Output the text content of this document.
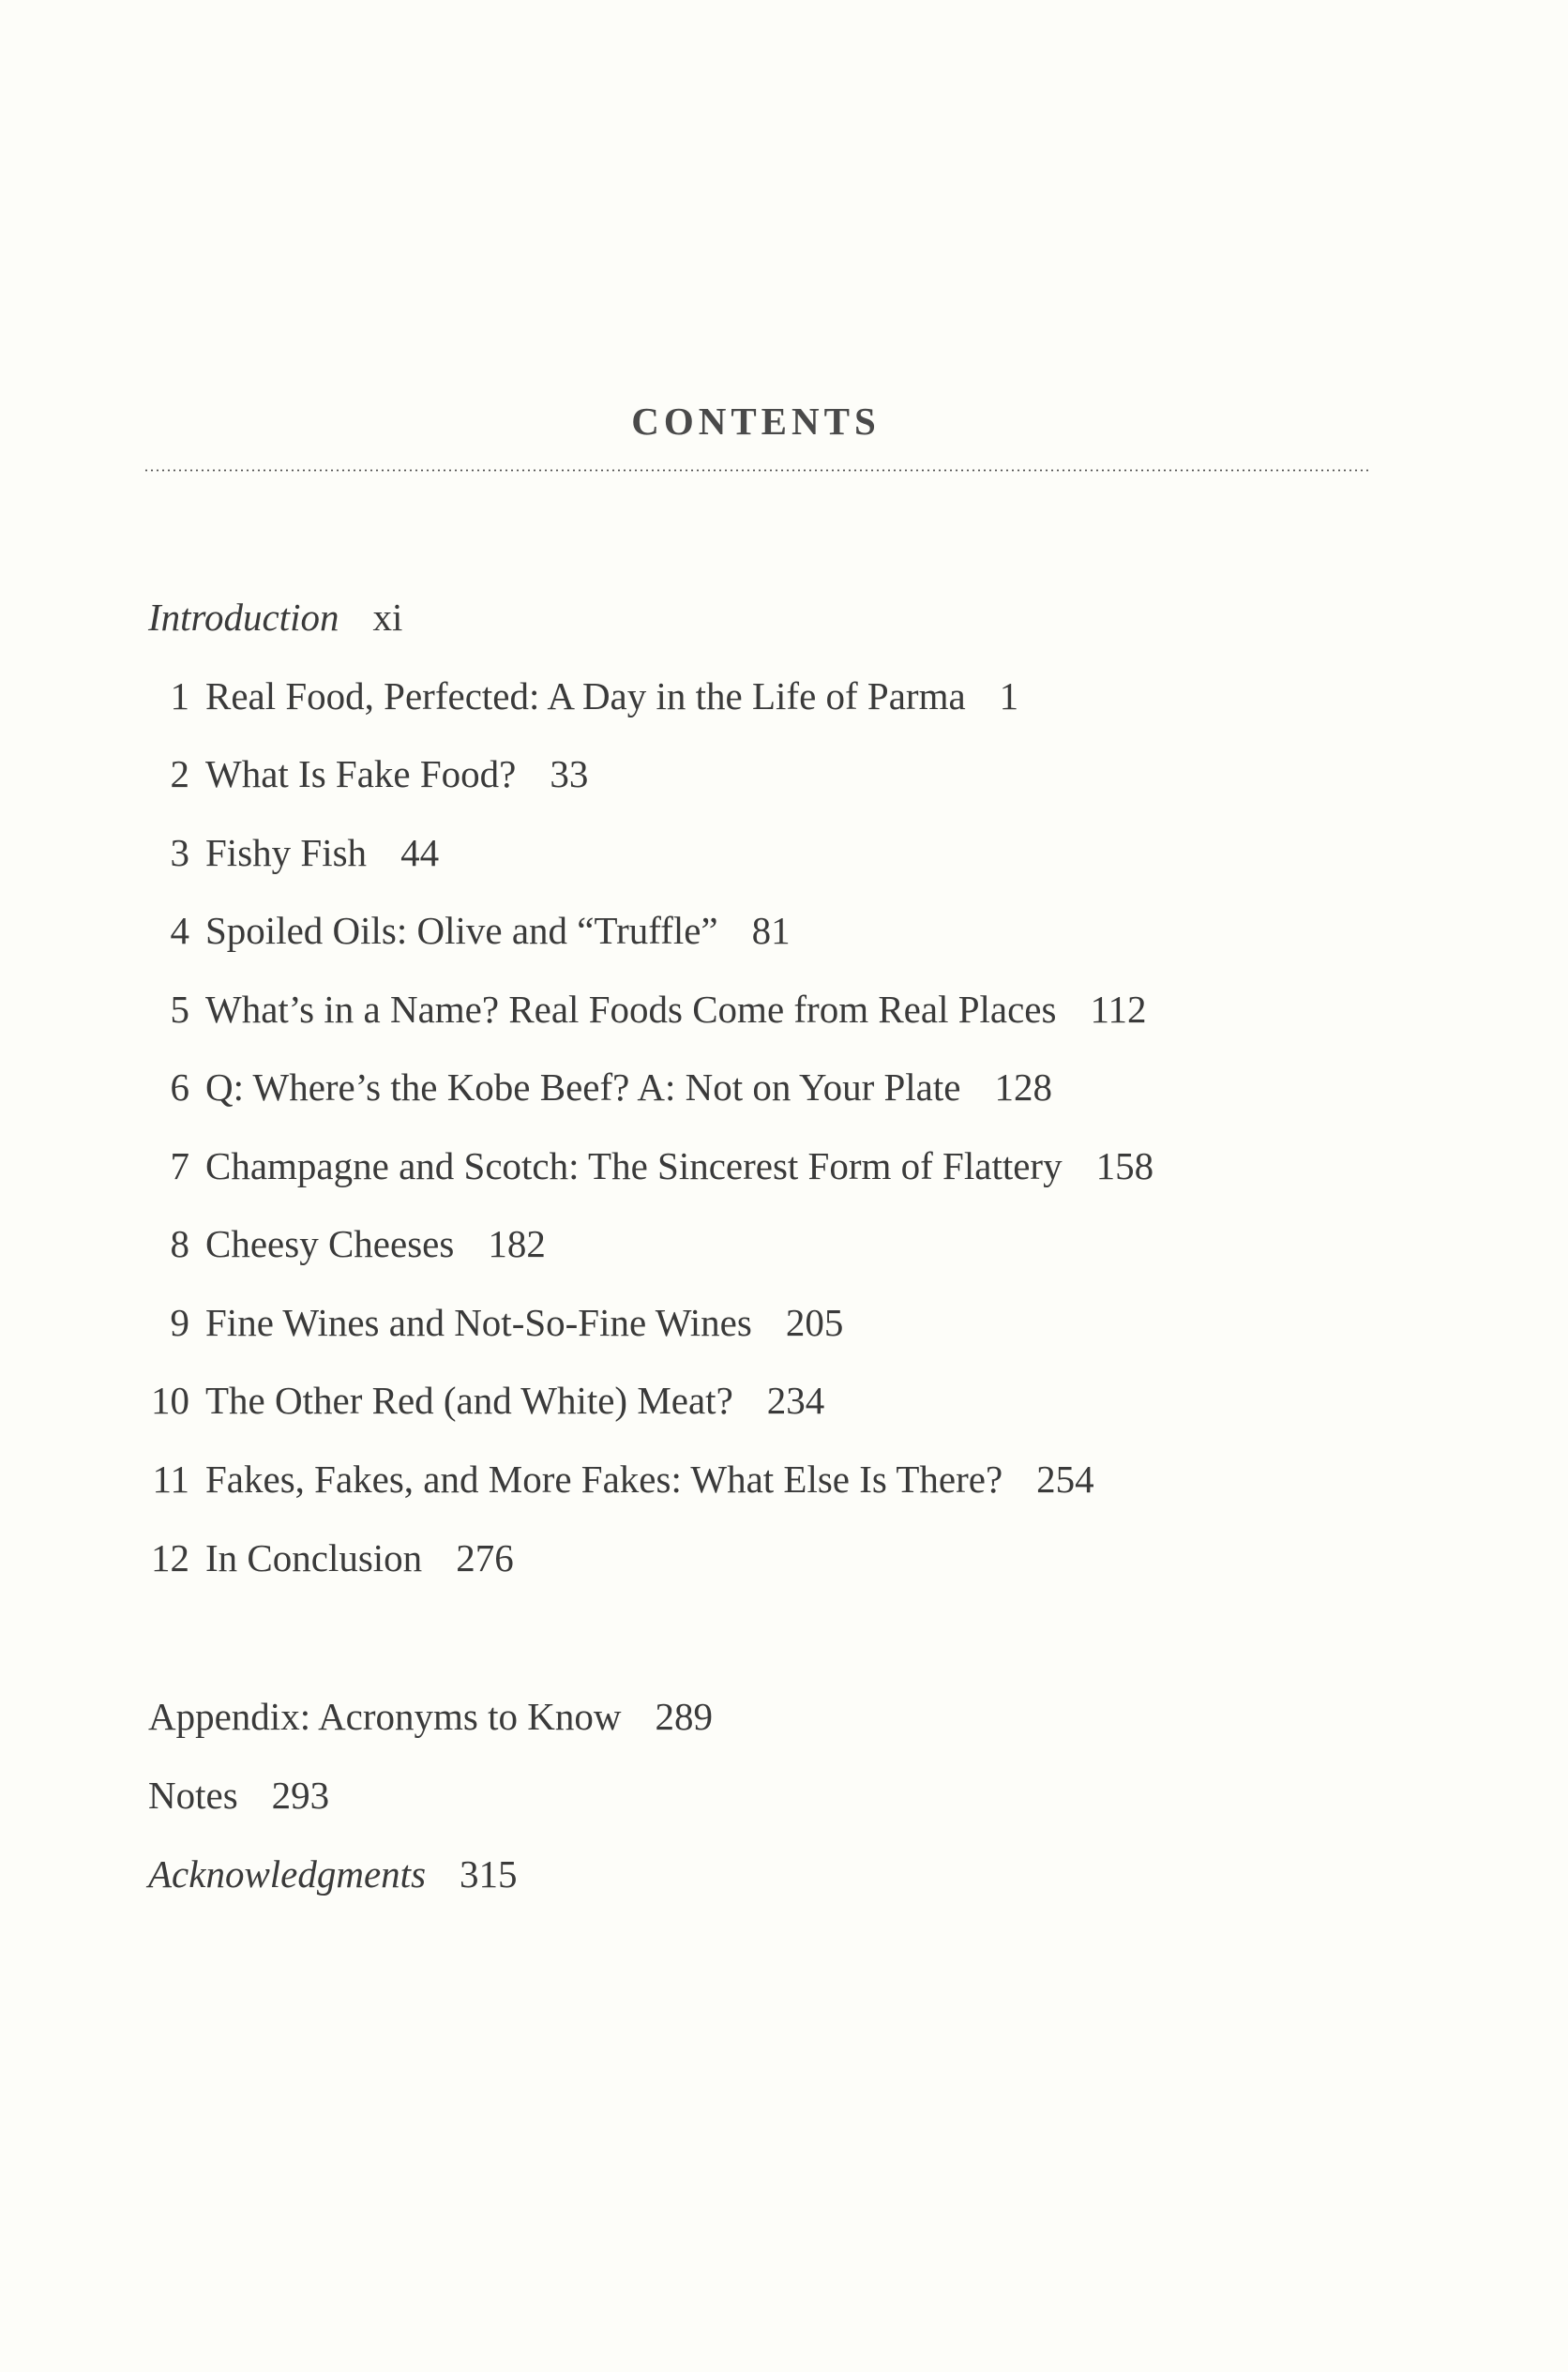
CONTENTS
Introduction xi
1 Real Food, Perfected: A Day in the Life of Parma 1
2 What Is Fake Food? 33
3 Fishy Fish 44
4 Spoiled Oils: Olive and “Truffle” 81
5 What’s in a Name? Real Foods Come from Real Places 112
6 Q: Where’s the Kobe Beef? A: Not on Your Plate 128
7 Champagne and Scotch: The Sincerest Form of Flattery 158
8 Cheesy Cheeses 182
9 Fine Wines and Not-So-Fine Wines 205
10 The Other Red (and White) Meat? 234
11 Fakes, Fakes, and More Fakes: What Else Is There? 254
12 In Conclusion 276
Appendix: Acronyms to Know 289
Notes 293
Acknowledgments 315
